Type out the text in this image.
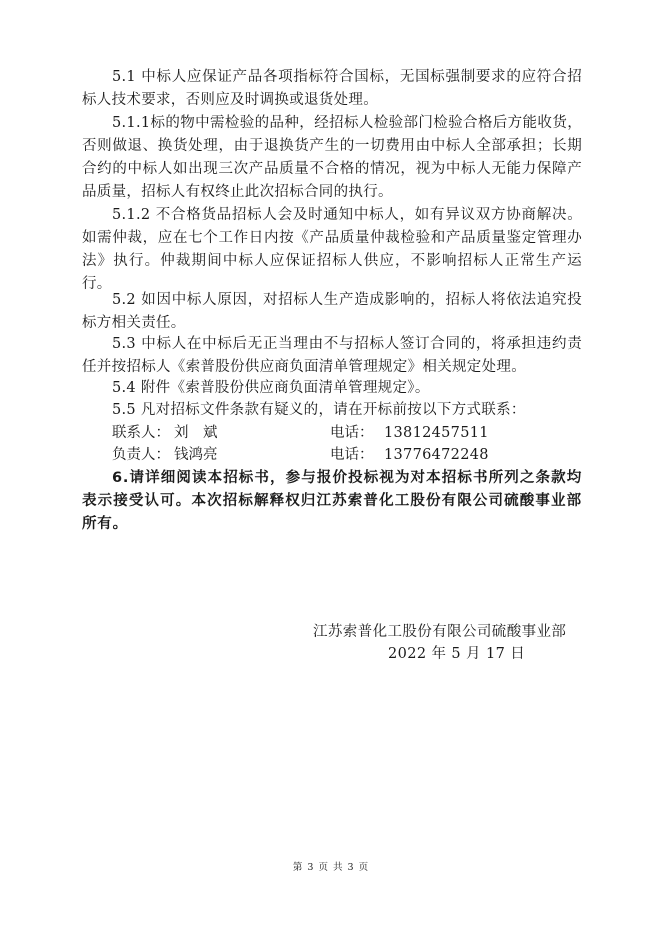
5.1 中标人应保证产品各项指标符合国标，无国标强制要求的应符合招标人技术要求，否则应及时调换或退货处理。

5.1.1标的物中需检验的品种，经招标人检验部门检验合格后方能收货，否则做退、换货处理，由于退换货产生的一切费用由中标人全部承担；长期合约的中标人如出现三次产品质量不合格的情况，视为中标人无能力保障产品质量，招标人有权终止此次招标合同的执行。

5.1.2 不合格货品招标人会及时通知中标人，如有异议双方协商解决。如需仲裁，应在七个工作日内按《产品质量仲裁检验和产品质量鉴定管理办法》执行。仲裁期间中标人应保证招标人供应，不影响招标人正常生产运行。

5.2 如因中标人原因，对招标人生产造成影响的，招标人将依法追究投标方相关责任。

5.3 中标人在中标后无正当理由不与招标人签订合同的，将承担违约责任并按招标人《索普股份供应商负面清单管理规定》相关规定处理。

5.4 附件《索普股份供应商负面清单管理规定》。

5.5 凡对招标文件条款有疑义的，请在开标前按以下方式联系：

联系人： 刘　斌	电话： 13812457511
负责人： 钱鸿亮	电话： 13776472248

6.请详细阅读本招标书，参与报价投标视为对本招标书所列之条款均表示接受认可。本次招标解释权归江苏索普化工股份有限公司硫酸事业部所有。

江苏索普化工股份有限公司硫酸事业部
2022 年 5 月 17 日
第 3 页 共 3 页
